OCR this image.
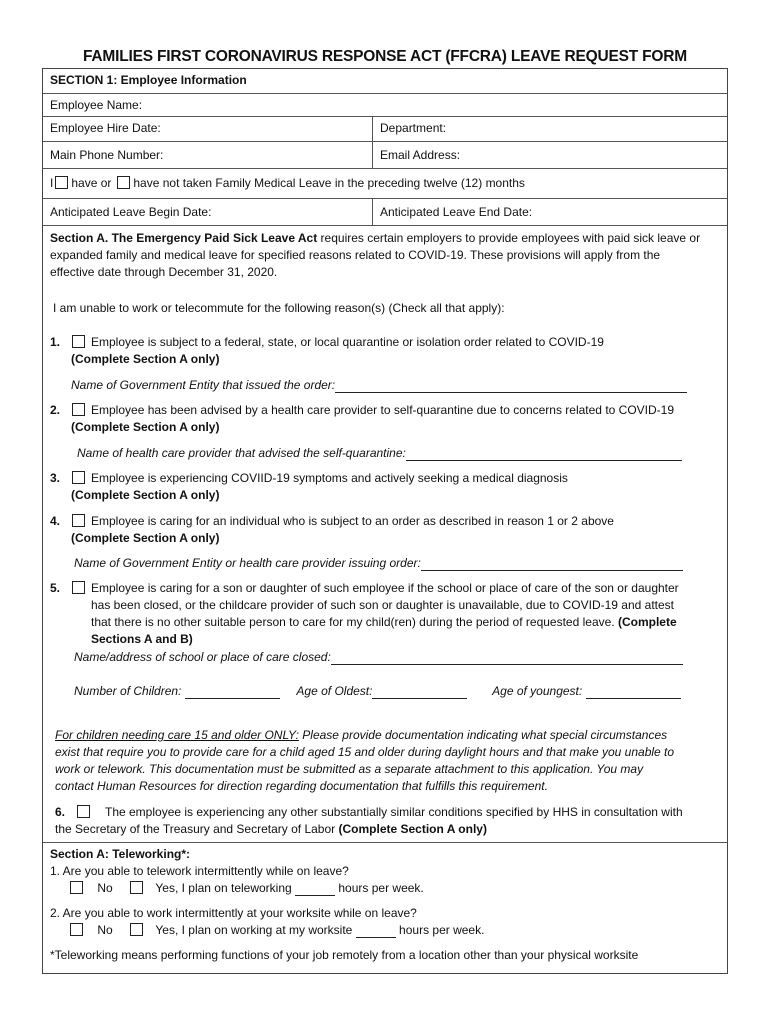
FAMILIES FIRST CORONAVIRUS RESPONSE ACT (FFCRA) LEAVE REQUEST FORM
SECTION 1: Employee Information
Employee Name:
Employee Hire Date:	Department:
Main Phone Number:	Email Address:
I have or have not taken Family Medical Leave in the preceding twelve (12) months
Anticipated Leave Begin Date:	Anticipated Leave End Date:
Section A. The Emergency Paid Sick Leave Act requires certain employers to provide employees with paid sick leave or
expanded family and medical leave for specified reasons related to COVID-19. These provisions will apply from the
effective date through December 31, 2020.
I am unable to work or telecommute for the following reason(s) (Check all that apply):
1.	Employee is subject to a federal, state, or local quarantine or isolation order related to COVID-19
(Complete Section A only)
Name of Government Entity that issued the order:
2.	Employee has been advised by a health care provider to self-quarantine due to concerns related to COVID-19
(Complete Section A only)
Name of health care provider that advised the self-quarantine:
3.	Employee is experiencing COVIID-19 symptoms and actively seeking a medical diagnosis
(Complete Section A only)
4.	Employee is caring for an individual who is subject to an order as described in reason 1 or 2 above
(Complete Section A only)
Name of Government Entity or health care provider issuing order:
5.	Employee is caring for a son or daughter of such employee if the school or place of care of the son or daughter
has been closed, or the childcare provider of such son or daughter is unavailable, due to COVID-19 and attest
that there is no other suitable person to care for my child(ren) during the period of requested leave. (Complete
Sections A and B)
Name/address of school or place of care closed:
Number of Children:	Age of Oldest:	Age of youngest:
For children needing care 15 and older ONLY: Please provide documentation indicating what special circumstances
exist that require you to provide care for a child aged 15 and older during daylight hours and that make you unable to
work or telework. This documentation must be submitted as a separate attachment to this application. You may
contact Human Resources for direction regarding documentation that fulfills this requirement.
6.	The employee is experiencing any other substantially similar conditions specified by HHS in consultation with
the Secretary of the Treasury and Secretary of Labor (Complete Section A only)
Section A: Teleworking*:
1. Are you able to telework intermittently while on leave?
No	Yes, I plan on teleworking	hours per week.
2. Are you able to work intermittently at your worksite while on leave?
No	Yes, I plan on working at my worksite	hours per week.
*Teleworking means performing functions of your job remotely from a location other than your physical worksite
